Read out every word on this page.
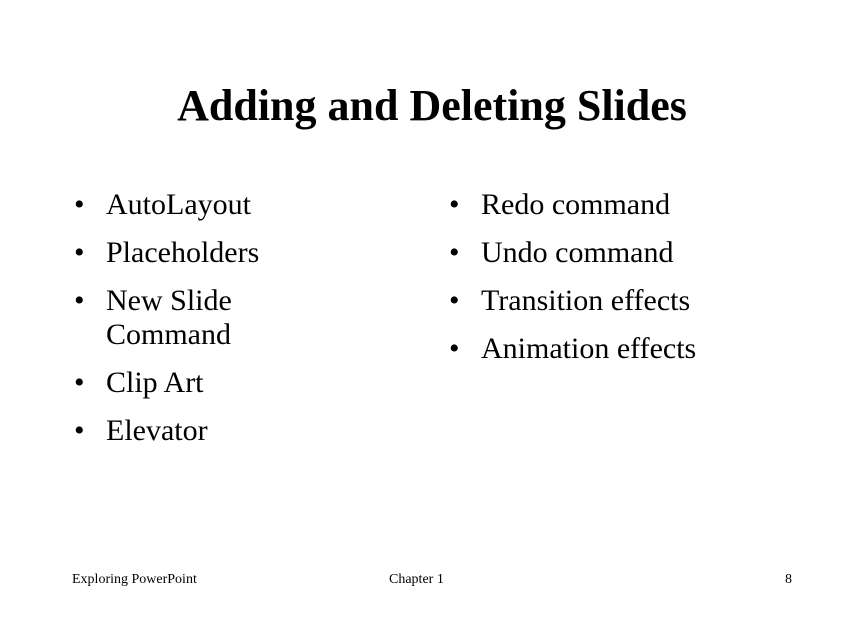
Adding and Deleting Slides
• AutoLayout
• Placeholders
• New Slide Command
• Clip Art
• Elevator
• Redo command
• Undo command
• Transition effects
• Animation effects
Exploring PowerPoint	Chapter 1	8
